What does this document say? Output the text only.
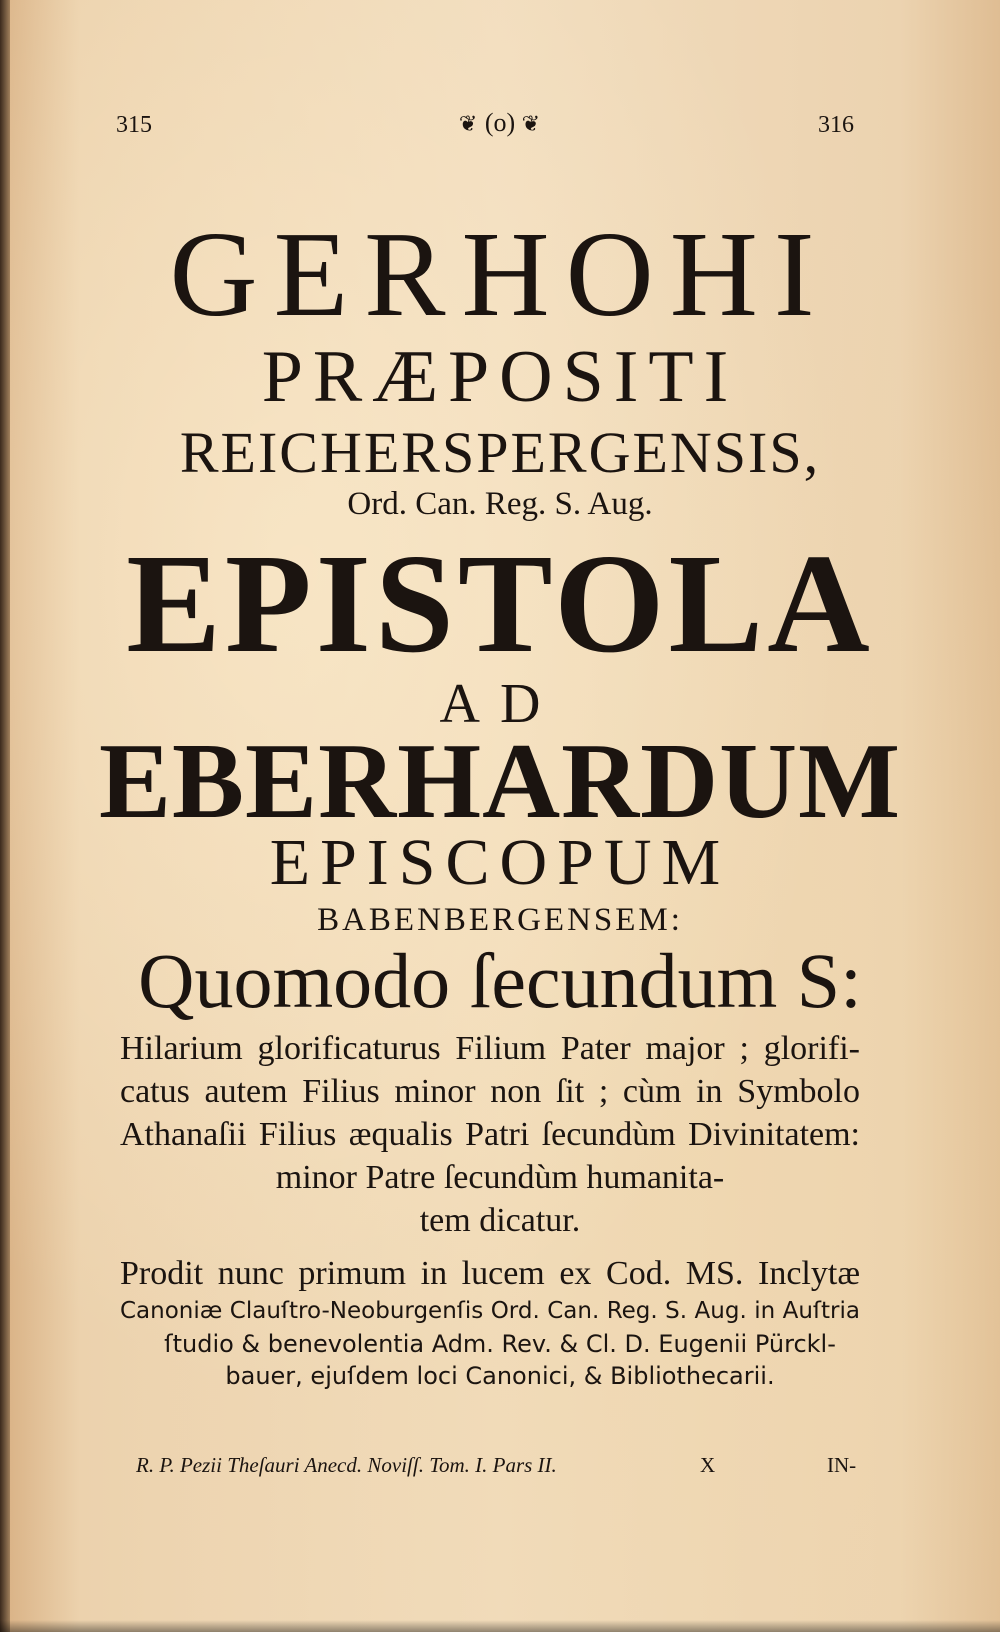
315	❦ (o) ❦	316
GERHOHI
PRÆPOSITI
REICHERSPERGENSIS,
Ord. Can. Reg. S. Aug.
EPISTOLA
AD
EBERHARDUM
EPISCOPUM
BABENBERGENSEM:
Quomodo ſecundum S:
Hilarium glorificaturus Filium Pater major ; glorifi-
catus autem Filius minor non ſit ; cùm in Symbolo
Athanaſii Filius æqualis Patri ſecundùm Divinitatem:
minor Patre ſecundùm humanita-
tem dicatur.
Prodit nunc primum in lucem ex Cod. MS. Inclytæ
Canoniæ Clauſtro-Neoburgenſis Ord. Can. Reg. S. Aug. in Auſtria
ſtudio & benevolentia Adm. Rev. & Cl. D. Eugenii Pürckl-
bauer, ejuſdem loci Canonici, & Bibliothecarii.
R. P. Pezii Theſauri Anecd. Noviſſ. Tom. I. Pars II.	X	IN-
